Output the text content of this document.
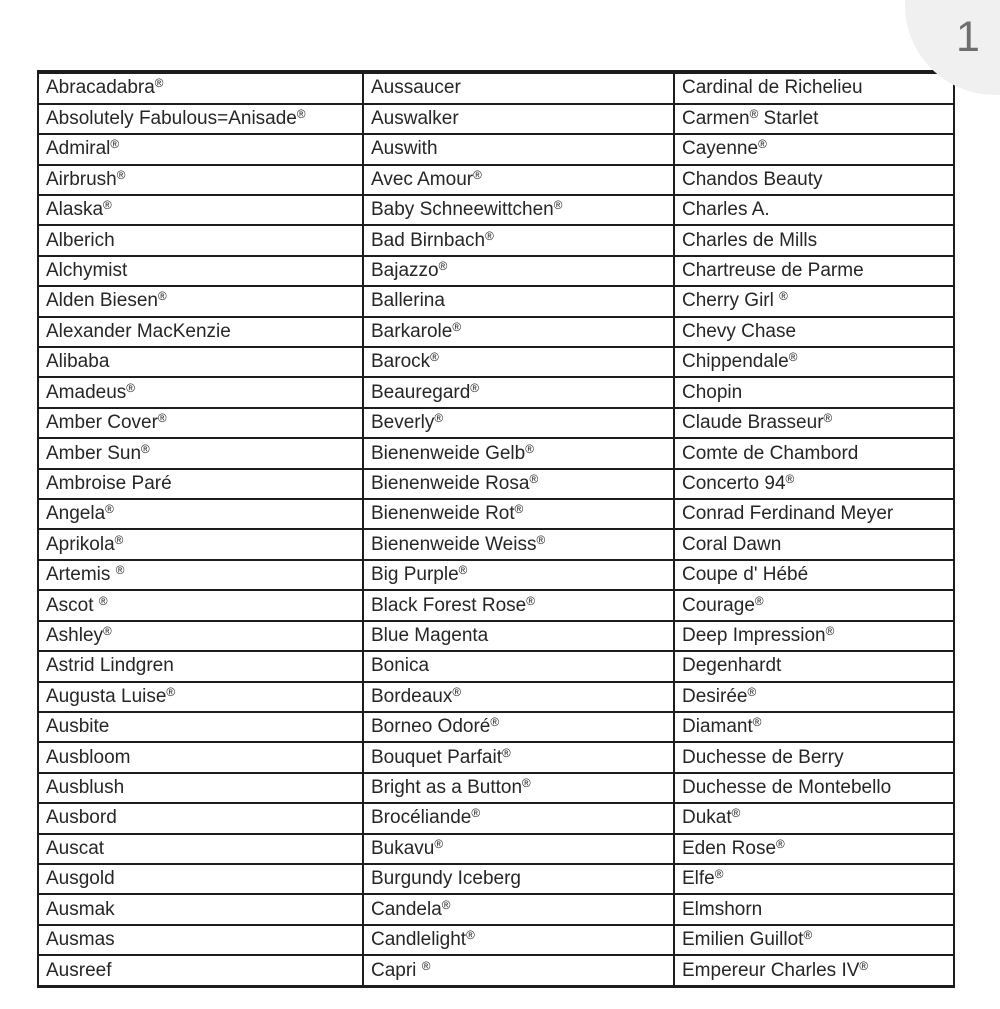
Abracadabra®	Aussaucer	Cardinal de Richelieu
Absolutely Fabulous=Anisade®	Auswalker	Carmen® Starlet
Admiral®	Auswith	Cayenne®
Airbrush®	Avec Amour®	Chandos Beauty
Alaska®	Baby Schneewittchen®	Charles A.
Alberich	Bad Birnbach®	Charles de Mills
Alchymist	Bajazzo®	Chartreuse de Parme
Alden Biesen®	Ballerina	Cherry Girl ®
Alexander MacKenzie	Barkarole®	Chevy Chase
Alibaba	Barock®	Chippendale®
Amadeus®	Beauregard®	Chopin
Amber Cover®	Beverly®	Claude Brasseur®
Amber Sun®	Bienenweide Gelb®	Comte de Chambord
Ambroise Paré	Bienenweide Rosa®	Concerto 94®
Angela®	Bienenweide Rot®	Conrad Ferdinand Meyer
Aprikola®	Bienenweide Weiss®	Coral Dawn
Artemis ®	Big Purple®	Coupe d' Hébé
Ascot ®	Black Forest Rose®	Courage®
Ashley®	Blue Magenta	Deep Impression®
Astrid Lindgren	Bonica	Degenhardt
Augusta Luise®	Bordeaux®	Desirée®
Ausbite	Borneo Odoré®	Diamant®
Ausbloom	Bouquet Parfait®	Duchesse de Berry
Ausblush	Bright as a Button®	Duchesse de Montebello
Ausbord	Brocéliande®	Dukat®
Auscat	Bukavu®	Eden Rose®
Ausgold	Burgundy Iceberg	Elfe®
Ausmak	Candela®	Elmshorn
Ausmas	Candlelight®	Emilien Guillot®
Ausreef	Capri ®	Empereur Charles IV®
1
